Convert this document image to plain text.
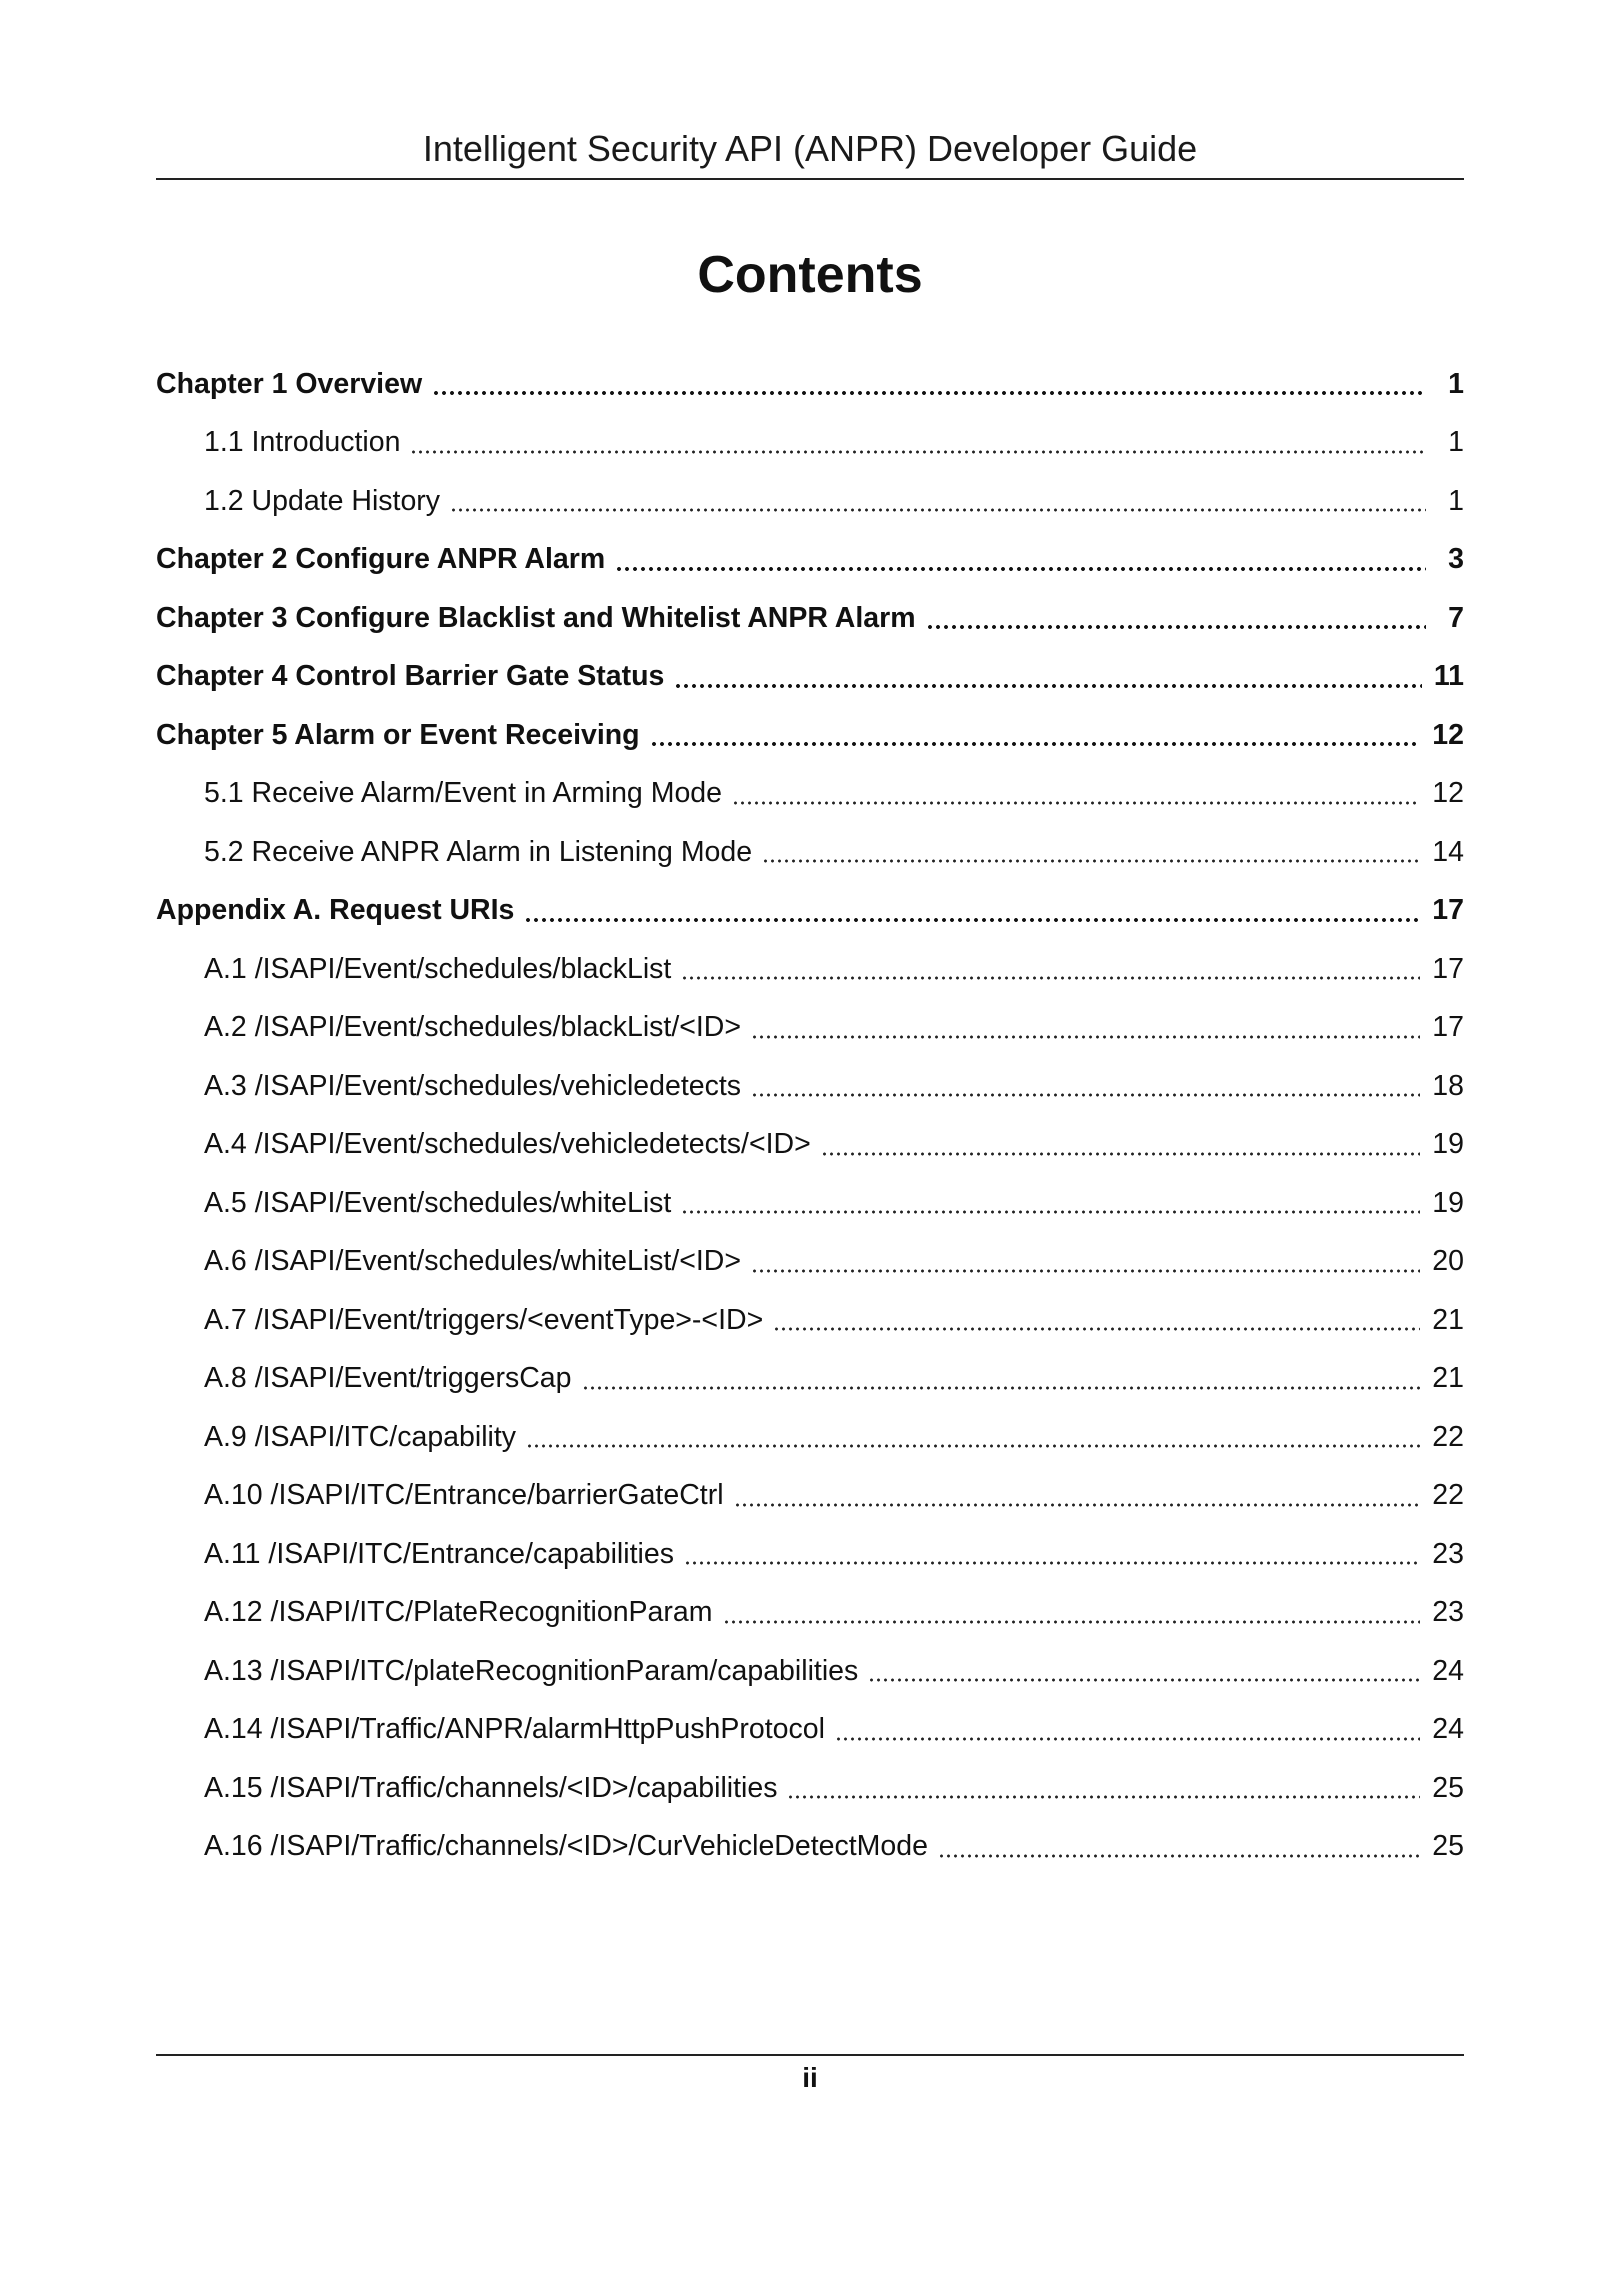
Intelligent Security API (ANPR) Developer Guide
Contents
Chapter 1 Overview	1
1.1 Introduction	1
1.2 Update History	1
Chapter 2 Configure ANPR Alarm	3
Chapter 3 Configure Blacklist and Whitelist ANPR Alarm	7
Chapter 4 Control Barrier Gate Status	11
Chapter 5 Alarm or Event Receiving	12
5.1 Receive Alarm/Event in Arming Mode	12
5.2 Receive ANPR Alarm in Listening Mode	14
Appendix A. Request URIs	17
A.1 /ISAPI/Event/schedules/blackList	17
A.2 /ISAPI/Event/schedules/blackList/<ID>	17
A.3 /ISAPI/Event/schedules/vehicledetects	18
A.4 /ISAPI/Event/schedules/vehicledetects/<ID>	19
A.5 /ISAPI/Event/schedules/whiteList	19
A.6 /ISAPI/Event/schedules/whiteList/<ID>	20
A.7 /ISAPI/Event/triggers/<eventType>-<ID>	21
A.8 /ISAPI/Event/triggersCap	21
A.9 /ISAPI/ITC/capability	22
A.10 /ISAPI/ITC/Entrance/barrierGateCtrl	22
A.11 /ISAPI/ITC/Entrance/capabilities	23
A.12 /ISAPI/ITC/PlateRecognitionParam	23
A.13 /ISAPI/ITC/plateRecognitionParam/capabilities	24
A.14 /ISAPI/Traffic/ANPR/alarmHttpPushProtocol	24
A.15 /ISAPI/Traffic/channels/<ID>/capabilities	25
A.16 /ISAPI/Traffic/channels/<ID>/CurVehicleDetectMode	25
ii
